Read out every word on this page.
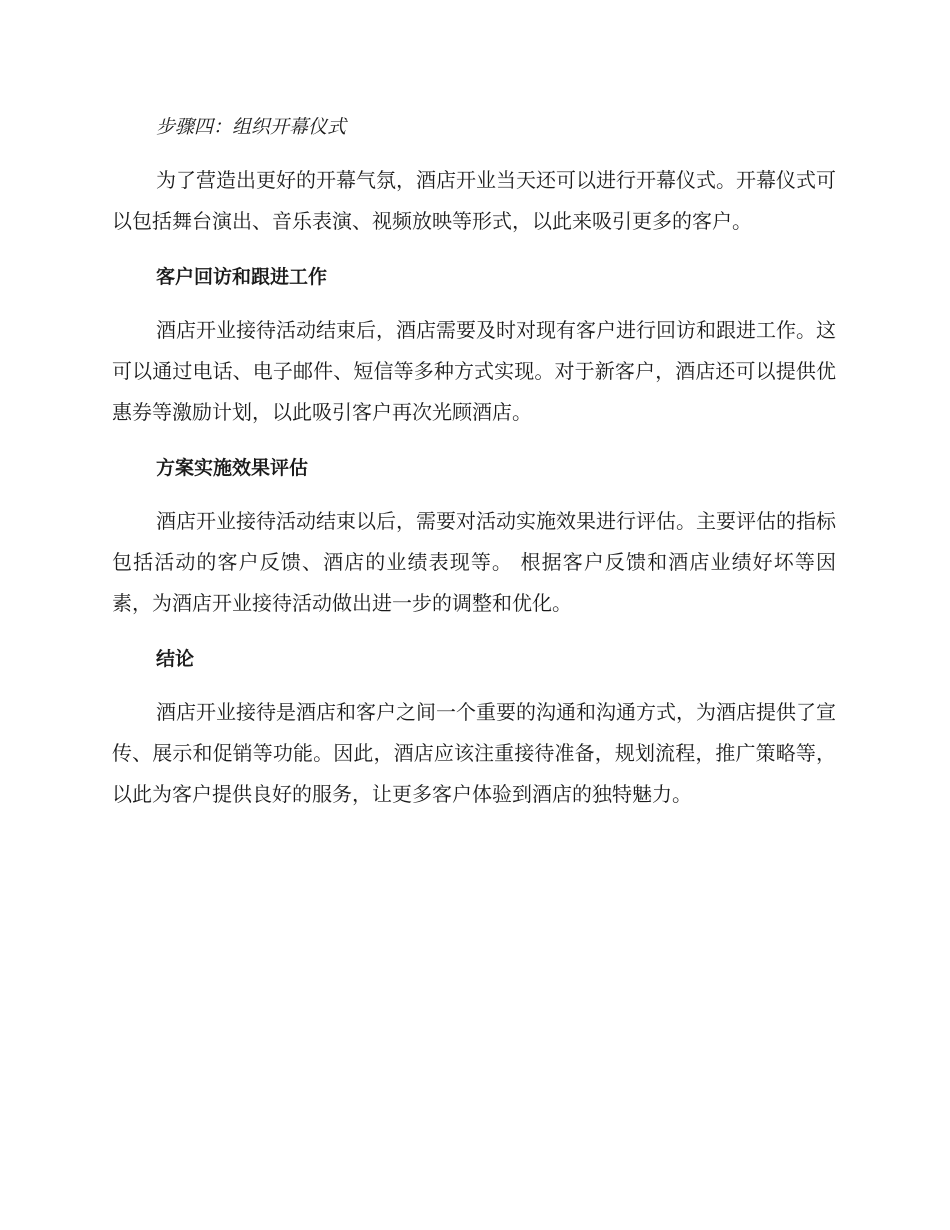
步骤四：组织开幕仪式

为了营造出更好的开幕气氛，酒店开业当天还可以进行开幕仪式。开幕仪式可以包括舞台演出、音乐表演、视频放映等形式，以此来吸引更多的客户。

客户回访和跟进工作

酒店开业接待活动结束后，酒店需要及时对现有客户进行回访和跟进工作。这可以通过电话、电子邮件、短信等多种方式实现。对于新客户，酒店还可以提供优惠券等激励计划，以此吸引客户再次光顾酒店。

方案实施效果评估

酒店开业接待活动结束以后，需要对活动实施效果进行评估。主要评估的指标包括活动的客户反馈、酒店的业绩表现等。 根据客户反馈和酒店业绩好坏等因素，为酒店开业接待活动做出进一步的调整和优化。

结论

酒店开业接待是酒店和客户之间一个重要的沟通和沟通方式，为酒店提供了宣传、展示和促销等功能。因此，酒店应该注重接待准备，规划流程，推广策略等， 以此为客户提供良好的服务，让更多客户体验到酒店的独特魅力。
